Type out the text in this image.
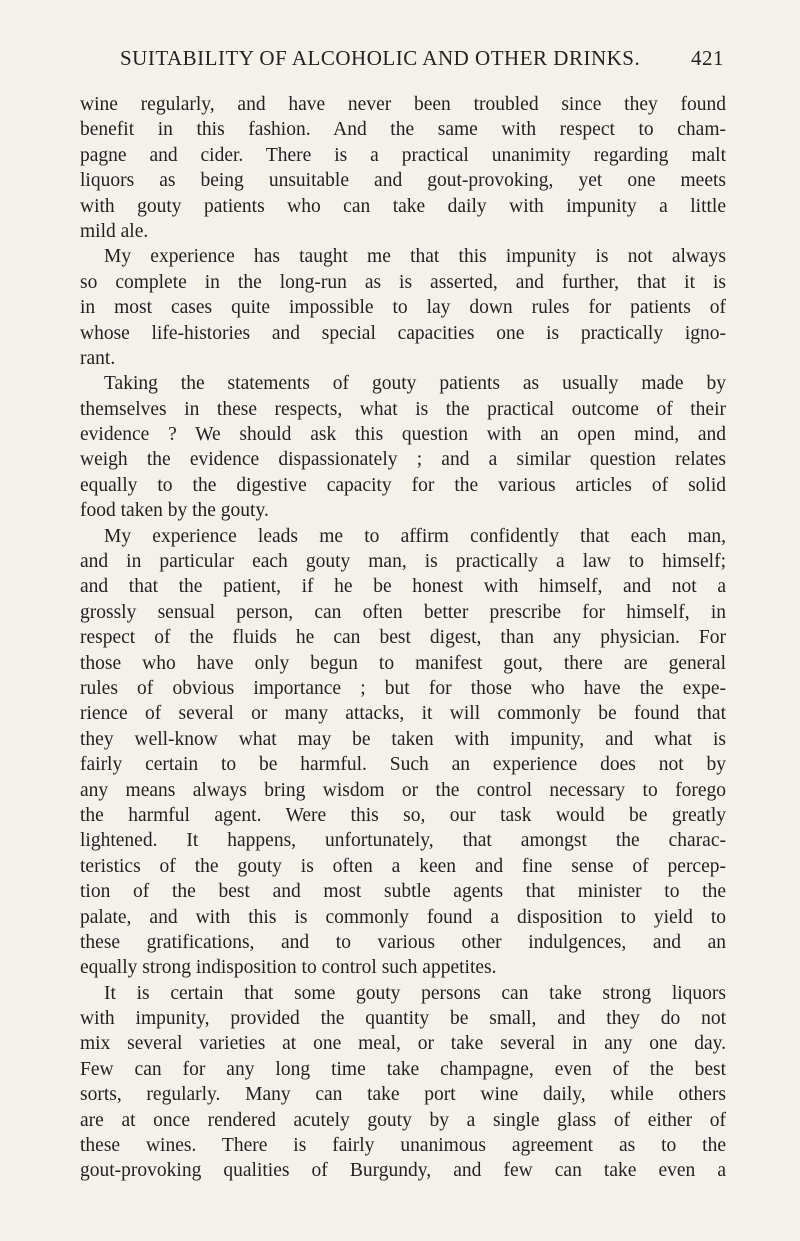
SUITABILITY OF ALCOHOLIC AND OTHER DRINKS. 421
wine regularly, and have never been troubled since they found
benefit in this fashion. And the same with respect to cham-
pagne and cider. There is a practical unanimity regarding malt
liquors as being unsuitable and gout-provoking, yet one meets
with gouty patients who can take daily with impunity a little
mild ale.
My experience has taught me that this impunity is not always
so complete in the long-run as is asserted, and further, that it is
in most cases quite impossible to lay down rules for patients of
whose life-histories and special capacities one is practically igno-
rant.
Taking the statements of gouty patients as usually made by
themselves in these respects, what is the practical outcome of their
evidence ? We should ask this question with an open mind, and
weigh the evidence dispassionately ; and a similar question relates
equally to the digestive capacity for the various articles of solid
food taken by the gouty.
My experience leads me to affirm confidently that each man,
and in particular each gouty man, is practically a law to himself;
and that the patient, if he be honest with himself, and not a
grossly sensual person, can often better prescribe for himself, in
respect of the fluids he can best digest, than any physician. For
those who have only begun to manifest gout, there are general
rules of obvious importance ; but for those who have the expe-
rience of several or many attacks, it will commonly be found that
they well-know what may be taken with impunity, and what is
fairly certain to be harmful. Such an experience does not by
any means always bring wisdom or the control necessary to forego
the harmful agent. Were this so, our task would be greatly
lightened. It happens, unfortunately, that amongst the charac-
teristics of the gouty is often a keen and fine sense of percep-
tion of the best and most subtle agents that minister to the
palate, and with this is commonly found a disposition to yield to
these gratifications, and to various other indulgences, and an
equally strong indisposition to control such appetites.
It is certain that some gouty persons can take strong liquors
with impunity, provided the quantity be small, and they do not
mix several varieties at one meal, or take several in any one day.
Few can for any long time take champagne, even of the best
sorts, regularly. Many can take port wine daily, while others
are at once rendered acutely gouty by a single glass of either of
these wines. There is fairly unanimous agreement as to the
gout-provoking qualities of Burgundy, and few can take even a
